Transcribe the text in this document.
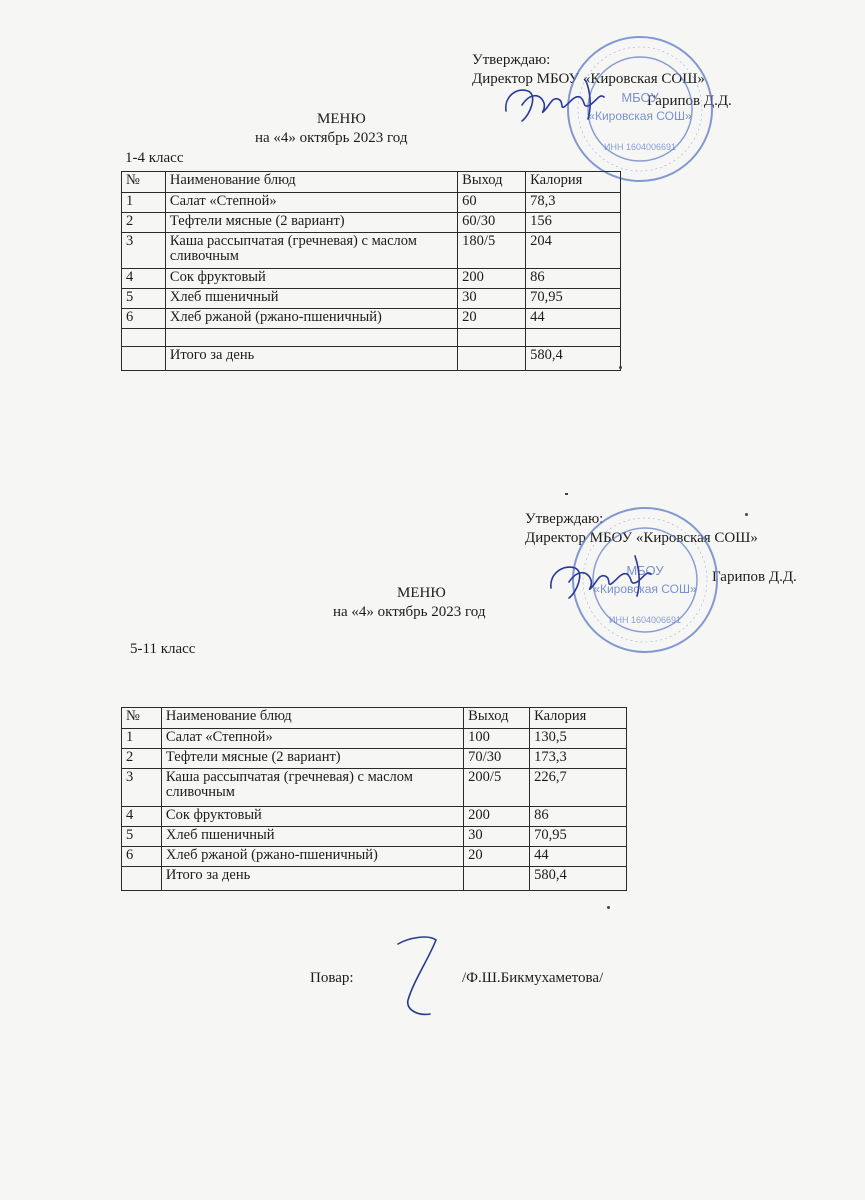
Утверждаю:
Директор МБОУ «Кировская СОШ»
Гарипов Д.Д.
МБОУ
«Кировская СОШ»
ИНН 1604006691
МЕНЮ
на «4» октябрь 2023 год
1-4 класс
№	Наименование блюд	Выход	Калория
1	Салат «Степной»	60	78,3
2	Тефтели мясные (2 вариант)	60/30	156
3	Каша рассыпчатая (гречневая) с маслом сливочным	180/5	204
4	Сок фруктовый	200	86
5	Хлеб пшеничный	30	70,95
6	Хлеб ржаной (ржано-пшеничный)	20	44

	Итого за день		580,4
Утверждаю:
Директор МБОУ «Кировская СОШ»
Гарипов Д.Д.
МБОУ
«Кировская СОШ»
ИНН 1604006691
МЕНЮ
на «4» октябрь 2023 год
5-11 класс
№	Наименование блюд	Выход	Калория
1	Салат «Степной»	100	130,5
2	Тефтели мясные (2 вариант)	70/30	173,3
3	Каша рассыпчатая (гречневая) с маслом сливочным	200/5	226,7
4	Сок фруктовый	200	86
5	Хлеб пшеничный	30	70,95
6	Хлеб ржаной (ржано-пшеничный)	20	44
	Итого за день		580,4
Повар:	/Ф.Ш.Бикмухаметова/
